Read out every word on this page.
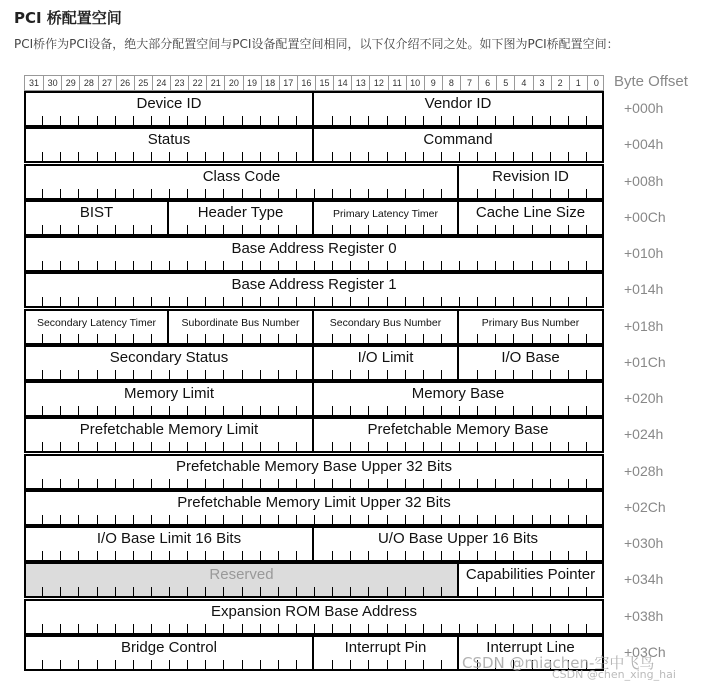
PCI 桥配置空间
PCI桥作为PCI设备，绝大部分配置空间与PCI设备配置空间相同，以下仅介绍不同之处。如下图为PCI桥配置空间：
31 30 29 28 27 26 25 24 23 22 21 20 19 18 17 16 15 14 13 12 11 10	9	8	7	6	5	4	3	2	1	0	Byte Offset
Device ID	Vendor ID	+000h
Status	Command	+004h
Class Code	Revision ID	+008h
BIST	Header Type	Primary Latency Timer	Cache Line Size	+00Ch
Base Address Register 0	+010h
Base Address Register 1	+014h
Secondary Latency Timer	Subordinate Bus Number	Secondary Bus Number	Primary Bus Number	+018h
Secondary Status	I/O Limit	I/O Base	+01Ch
Memory Limit	Memory Base	+020h
Prefetchable Memory Limit	Prefetchable Memory Base	+024h
Prefetchable Memory Base Upper 32 Bits	+028h
Prefetchable Memory Limit Upper 32 Bits	+02Ch
I/O Base Limit 16 Bits	U/O Base Upper 16 Bits	+030h
Reserved	Capabilities Pointer	+034h
Expansion ROM Base Address	+038h
Bridge Control	Interrupt Pin	Interrupt Line	+03Ch
CSDN @miachen-空中飞鸟
CSDN @chen_xing_hai
